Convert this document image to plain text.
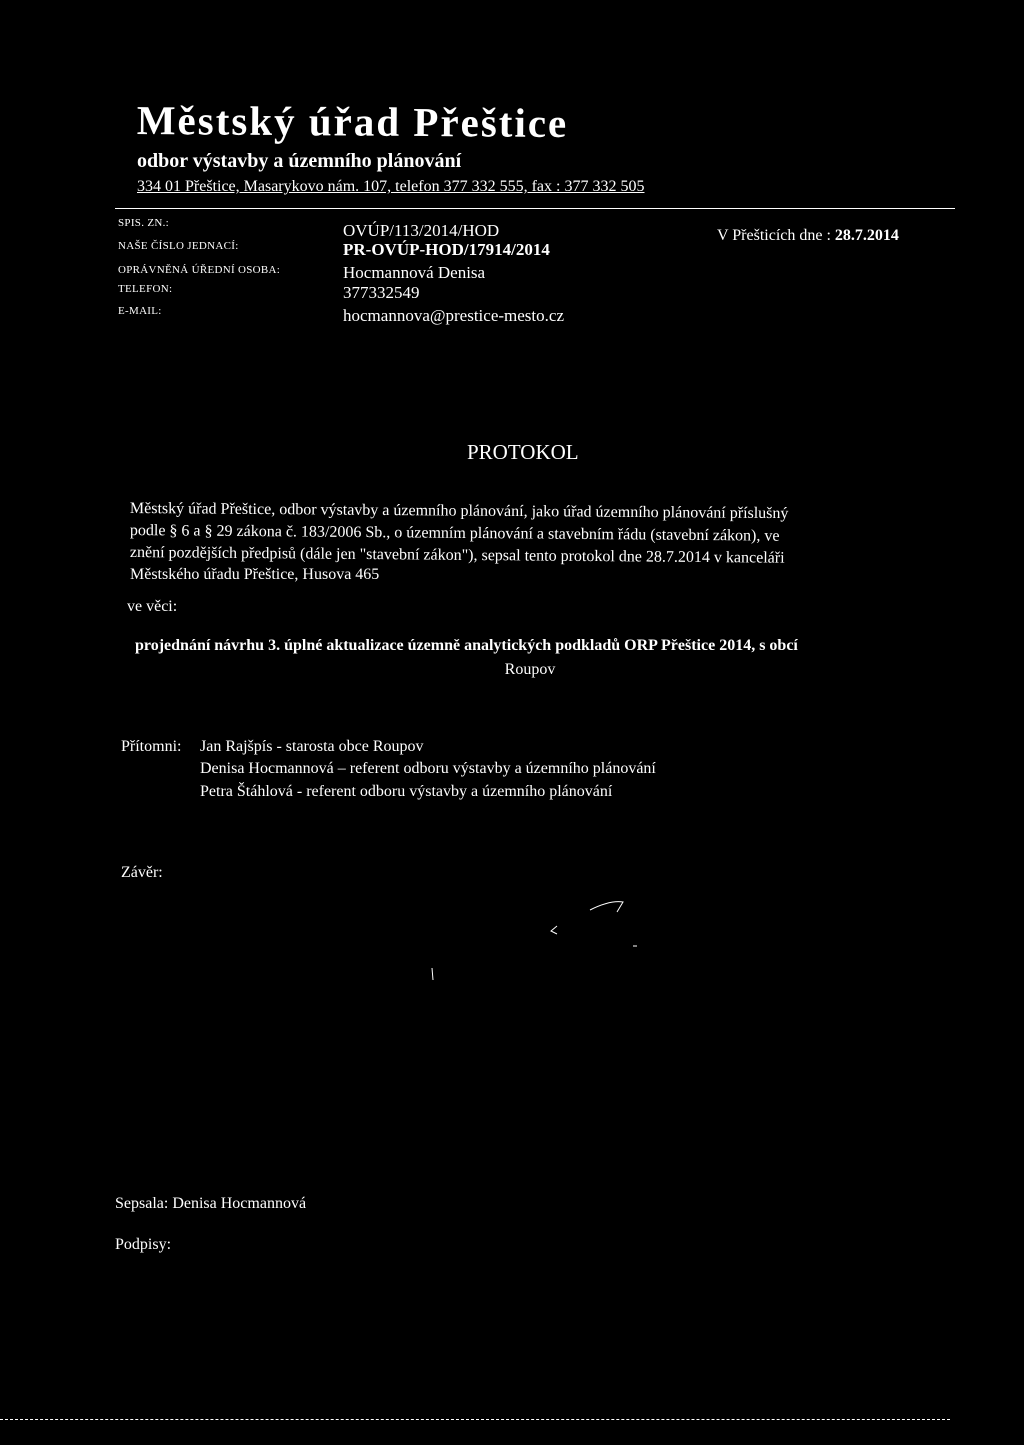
Městský úřad Přeštice
odbor výstavby a územního plánování
334 01 Přeštice, Masarykovo nám. 107, telefon 377 332 555, fax : 377 332 505
SPIS. ZN.:	OVÚP/113/2014/HOD
NAŠE ČÍSLO JEDNACÍ:	PR-OVÚP-HOD/17914/2014
OPRÁVNĚNÁ ÚŘEDNÍ OSOBA:	Hocmannová Denisa
TELEFON:	377332549
E-MAIL:	hocmannova@prestice-mesto.cz
V Přešticích dne : 28.7.2014
PROTOKOL
Městský úřad Přeštice, odbor výstavby a územního plánování, jako úřad územního plánování příslušný
podle § 6 a § 29 zákona č. 183/2006 Sb., o územním plánování a stavebním řádu (stavební zákon), ve
znění pozdějších předpisů (dále jen "stavební zákon"), sepsal tento protokol dne 28.7.2014 v kanceláři
Městského úřadu Přeštice, Husova 465
ve věci:
projednání návrhu 3. úplné aktualizace územně analytických podkladů ORP Přeštice 2014, s obcí
Roupov
Přítomni: Jan Rajšpís - starosta obce Roupov
Denisa Hocmannová – referent odboru výstavby a územního plánování
Petra Štáhlová - referent odboru výstavby a územního plánování
Závěr:
Sepsala: Denisa Hocmannová
Podpisy:
